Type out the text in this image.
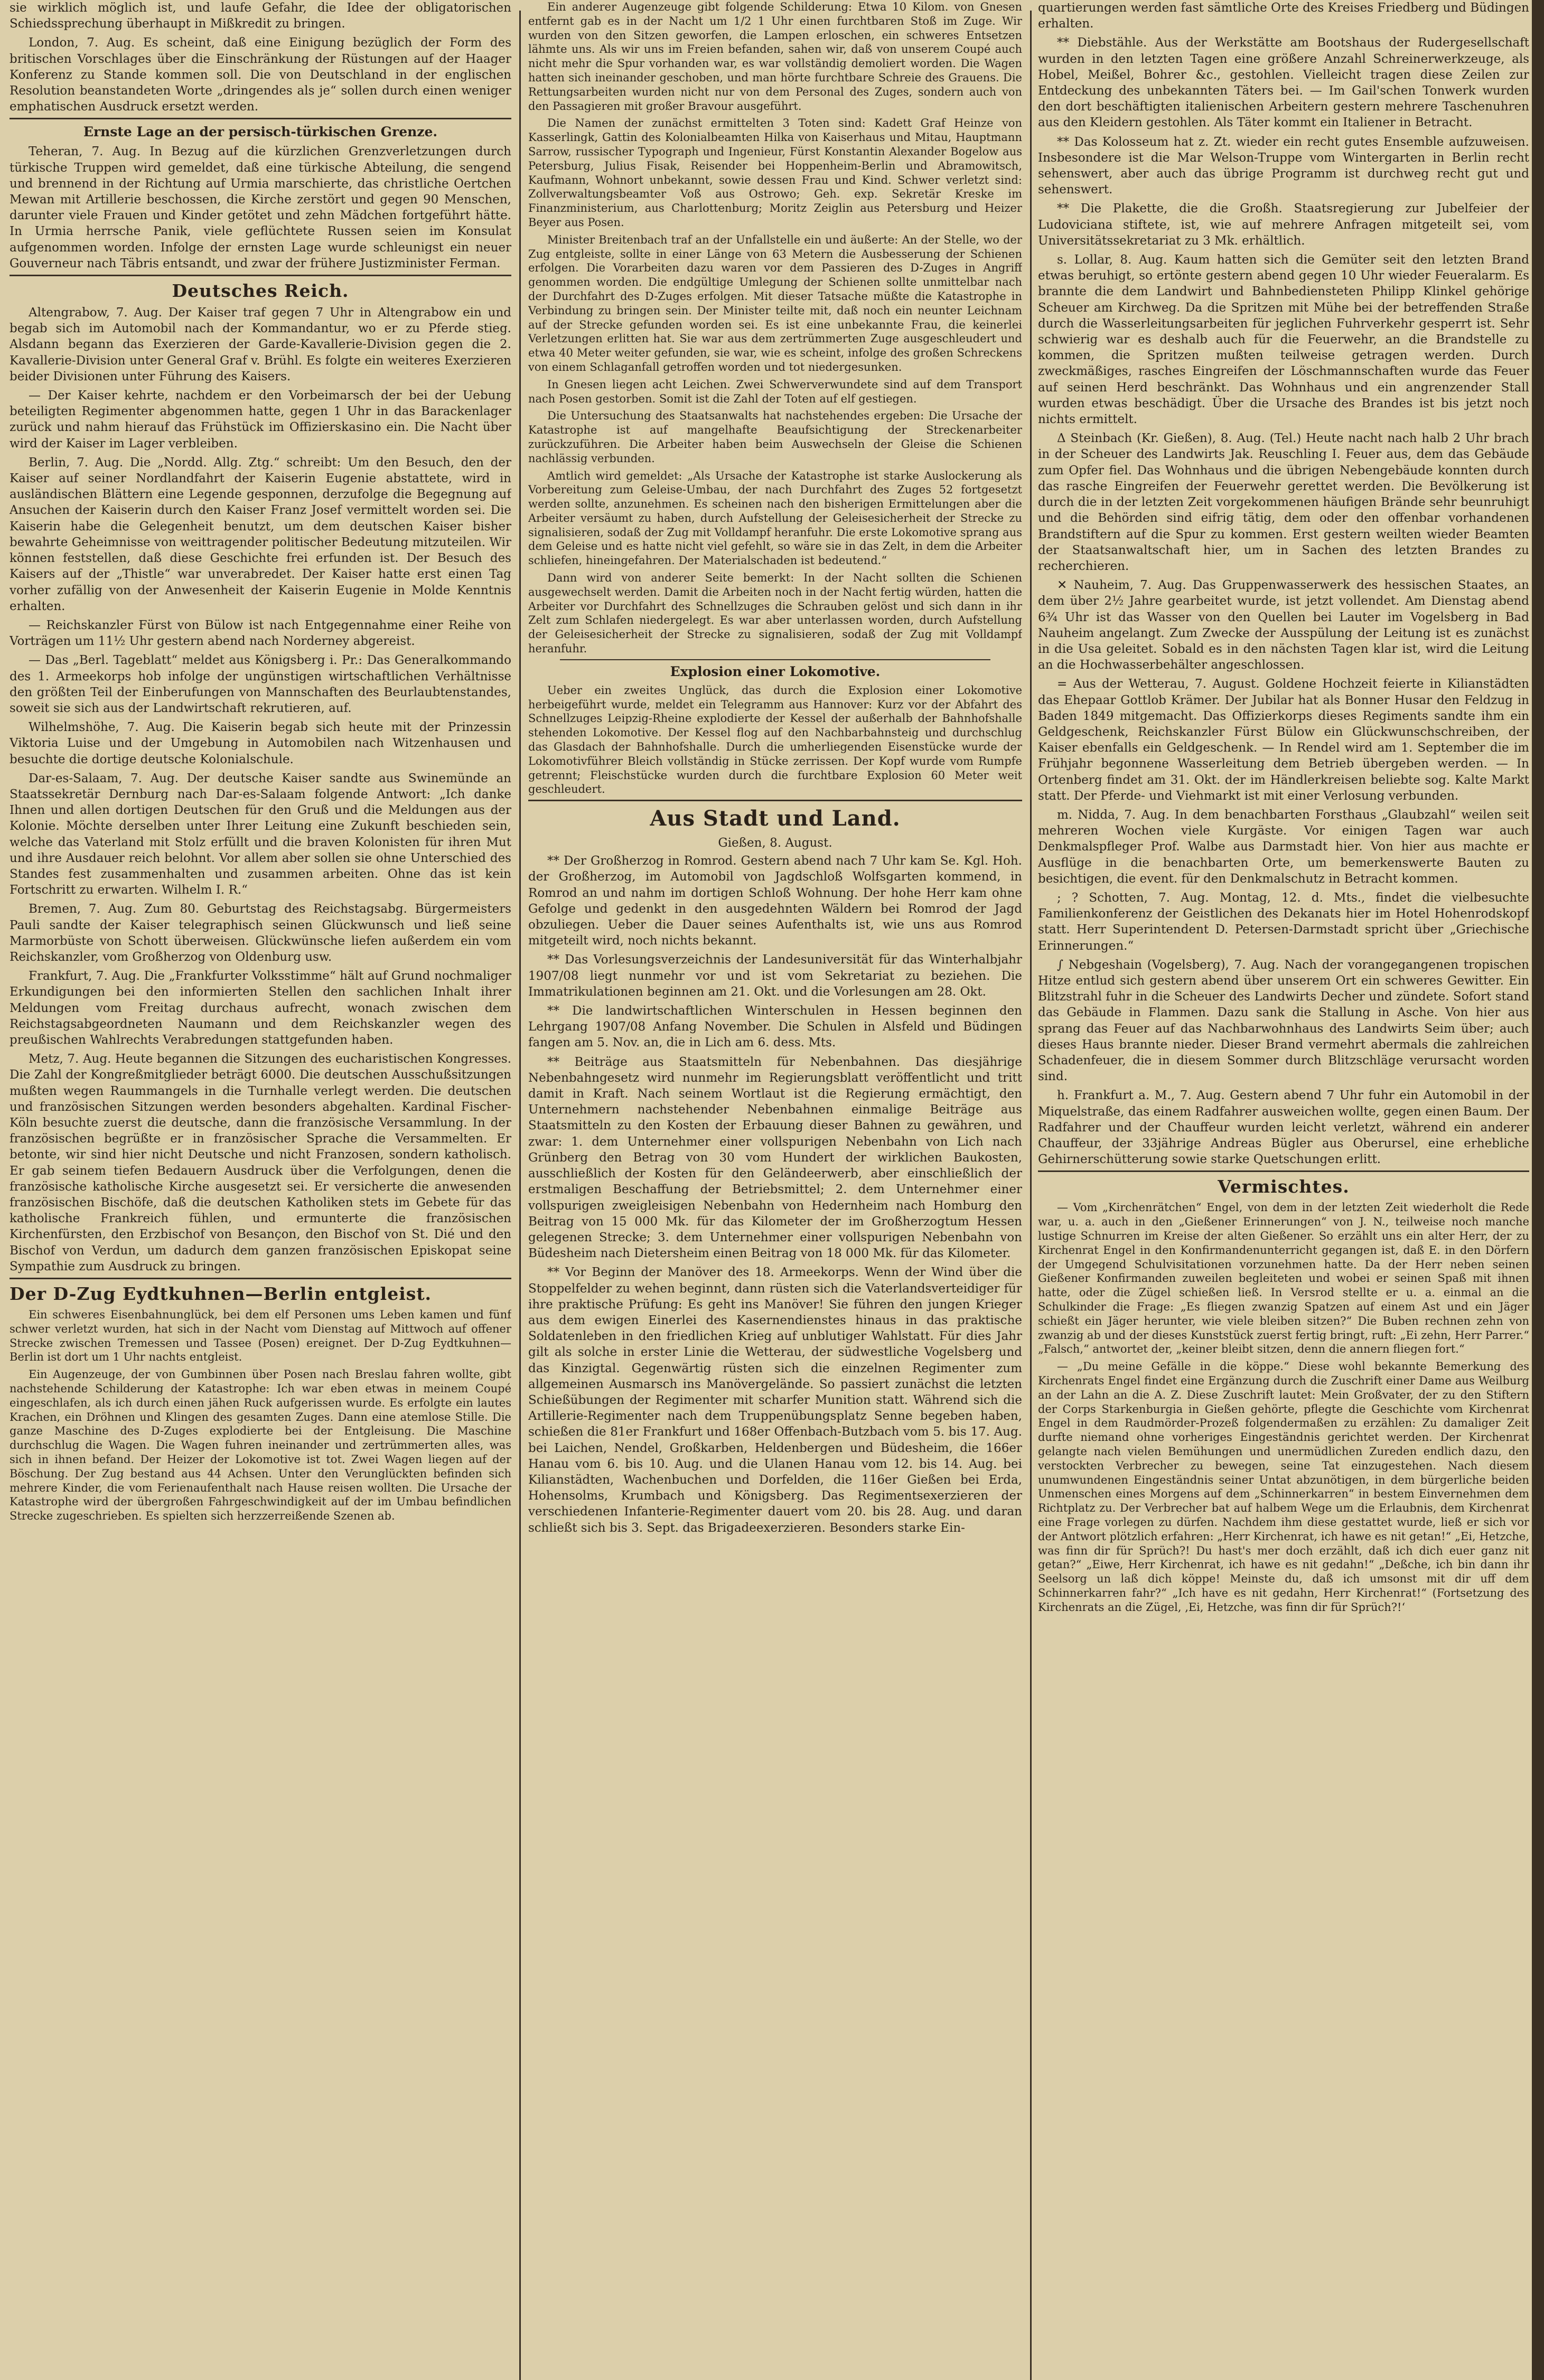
sie wirklich möglich ist, und laufe Gefahr, die Idee der obligatorischen Schiedssprechung überhaupt in Mißkredit zu bringen.

London, 7. Aug. Es scheint, daß eine Einigung bezüglich der Form des britischen Vorschlages über die Einschränkung der Rüstungen auf der Haager Konferenz zu Stande kommen soll. Die von Deutschland in der englischen Resolution beanstandeten Worte „dringendes als je“ sollen durch einen weniger emphatischen Ausdruck ersetzt werden.

Ernste Lage an der persisch-türkischen Grenze.

Teheran, 7. Aug. In Bezug auf die kürzlichen Grenzverletzungen durch türkische Truppen wird gemeldet, daß eine türkische Abteilung, die sengend und brennend in der Richtung auf Urmia marschierte, das christliche Oertchen Mewan mit Artillerie beschossen, die Kirche zerstört und gegen 90 Menschen, darunter viele Frauen und Kinder getötet und zehn Mädchen fortgeführt hätte. In Urmia herrsche Panik, viele geflüchtete Russen seien im Konsulat aufgenommen worden. Infolge der ernsten Lage wurde schleunigst ein neuer Gouverneur nach Täbris entsandt, und zwar der frühere Justizminister Ferman.

Deutsches Reich.

Altengrabow, 7. Aug. Der Kaiser traf gegen 7 Uhr in Altengrabow ein und begab sich im Automobil nach der Kommandantur, wo er zu Pferde stieg. Alsdann begann das Exerzieren der Garde-Kavallerie-Division gegen die 2. Kavallerie-Division unter General Graf v. Brühl. Es folgte ein weiteres Exerzieren beider Divisionen unter Führung des Kaisers.

— Der Kaiser kehrte, nachdem er den Vorbeimarsch der bei der Uebung beteiligten Regimenter abgenommen hatte, gegen 1 Uhr in das Barackenlager zurück und nahm hierauf das Frühstück im Offizierskasino ein. Die Nacht über wird der Kaiser im Lager verbleiben.

Berlin, 7. Aug. Die „Nordd. Allg. Ztg.“ schreibt: Um den Besuch, den der Kaiser auf seiner Nordlandfahrt der Kaiserin Eugenie abstattete, wird in ausländischen Blättern eine Legende gesponnen, derzufolge die Begegnung auf Ansuchen der Kaiserin durch den Kaiser Franz Josef vermittelt worden sei. Die Kaiserin habe die Gelegenheit benutzt, um dem deutschen Kaiser bisher bewahrte Geheimnisse von weittragender politischer Bedeutung mitzuteilen. Wir können feststellen, daß diese Geschichte frei erfunden ist. Der Besuch des Kaisers auf der „Thistle“ war unverabredet. Der Kaiser hatte erst einen Tag vorher zufällig von der Anwesenheit der Kaiserin Eugenie in Molde Kenntnis erhalten.

— Reichskanzler Fürst von Bülow ist nach Entgegennahme einer Reihe von Vorträgen um 11½ Uhr gestern abend nach Norderney abgereist.

— Das „Berl. Tageblatt“ meldet aus Königsberg i. Pr.: Das Generalkommando des 1. Armeekorps hob infolge der ungünstigen wirtschaftlichen Verhältnisse den größten Teil der Einberufungen von Mannschaften des Beurlaubtenstandes, soweit sie sich aus der Landwirtschaft rekrutieren, auf.

Wilhelmshöhe, 7. Aug. Die Kaiserin begab sich heute mit der Prinzessin Viktoria Luise und der Umgebung in Automobilen nach Witzenhausen und besuchte die dortige deutsche Kolonialschule.

Dar-es-Salaam, 7. Aug. Der deutsche Kaiser sandte aus Swinemünde an Staatssekretär Dernburg nach Dar-es-Salaam folgende Antwort: „Ich danke Ihnen und allen dortigen Deutschen für den Gruß und die Meldungen aus der Kolonie. Möchte derselben unter Ihrer Leitung eine Zukunft beschieden sein, welche das Vaterland mit Stolz erfüllt und die braven Kolonisten für ihren Mut und ihre Ausdauer reich belohnt. Vor allem aber sollen sie ohne Unterschied des Standes fest zusammenhalten und zusammen arbeiten. Ohne das ist kein Fortschritt zu erwarten. Wilhelm I. R.“

Bremen, 7. Aug. Zum 80. Geburtstag des Reichstagsabg. Bürgermeisters Pauli sandte der Kaiser telegraphisch seinen Glückwunsch und ließ seine Marmorbüste von Schott überweisen. Glückwünsche liefen außerdem ein vom Reichskanzler, vom Großherzog von Oldenburg usw.

Frankfurt, 7. Aug. Die „Frankfurter Volksstimme“ hält auf Grund nochmaliger Erkundigungen bei den informierten Stellen den sachlichen Inhalt ihrer Meldungen vom Freitag durchaus aufrecht, wonach zwischen dem Reichstagsabgeordneten Naumann und dem Reichskanzler wegen des preußischen Wahlrechts Verabredungen stattgefunden haben.

Metz, 7. Aug. Heute begannen die Sitzungen des eucharistischen Kongresses. Die Zahl der Kongreßmitglieder beträgt 6000. Die deutschen Ausschußsitzungen mußten wegen Raummangels in die Turnhalle verlegt werden. Die deutschen und französischen Sitzungen werden besonders abgehalten. Kardinal Fischer-Köln besuchte zuerst die deutsche, dann die französische Versammlung. In der französischen begrüßte er in französischer Sprache die Versammelten. Er betonte, wir sind hier nicht Deutsche und nicht Franzosen, sondern katholisch. Er gab seinem tiefen Bedauern Ausdruck über die Verfolgungen, denen die französische katholische Kirche ausgesetzt sei. Er versicherte die anwesenden französischen Bischöfe, daß die deutschen Katholiken stets im Gebete für das katholische Frankreich fühlen, und ermunterte die französischen Kirchenfürsten, den Erzbischof von Besançon, den Bischof von St. Dié und den Bischof von Verdun, um dadurch dem ganzen französischen Episkopat seine Sympathie zum Ausdruck zu bringen.

Der D-Zug Eydtkuhnen—Berlin entgleist.

Ein schweres Eisenbahnunglück, bei dem elf Personen ums Leben kamen und fünf schwer verletzt wurden, hat sich in der Nacht vom Dienstag auf Mittwoch auf offener Strecke zwischen Tremessen und Tassee (Posen) ereignet. Der D-Zug Eydtkuhnen—Berlin ist dort um 1 Uhr nachts entgleist.

Ein Augenzeuge, der von Gumbinnen über Posen nach Breslau fahren wollte, gibt nachstehende Schilderung der Katastrophe: Ich war eben etwas in meinem Coupé eingeschlafen, als ich durch einen jähen Ruck aufgerissen wurde. Es erfolgte ein lautes Krachen, ein Dröhnen und Klingen des gesamten Zuges. Dann eine atemlose Stille. Die ganze Maschine des D-Zuges explodierte bei der Entgleisung. Die Maschine durchschlug die Wagen. Die Wagen fuhren ineinander und zertrümmerten alles, was sich in ihnen befand. Der Heizer der Lokomotive ist tot. Zwei Wagen liegen auf der Böschung. Der Zug bestand aus 44 Achsen. Unter den Verunglückten befinden sich mehrere Kinder, die vom Ferienaufenthalt nach Hause reisen wollten. Die Ursache der Katastrophe wird der übergroßen Fahrgeschwindigkeit auf der im Umbau befindlichen Strecke zugeschrieben. Es spielten sich herzzerreißende Szenen ab.

Ein anderer Augenzeuge gibt folgende Schilderung: Etwa 10 Kilom. von Gnesen entfernt gab es in der Nacht um 1/2 1 Uhr einen furchtbaren Stoß im Zuge. Wir wurden von den Sitzen geworfen, die Lampen erloschen, ein schweres Entsetzen lähmte uns. Als wir uns im Freien befanden, sahen wir, daß von unserem Coupé auch nicht mehr die Spur vorhanden war, es war vollständig demoliert worden. Die Wagen hatten sich ineinander geschoben, und man hörte furchtbare Schreie des Grauens. Die Rettungsarbeiten wurden nicht nur von dem Personal des Zuges, sondern auch von den Passagieren mit großer Bravour ausgeführt.

Die Namen der zunächst ermittelten 3 Toten sind: Kadett Graf Heinze von Kasserlingk, Gattin des Kolonialbeamten Hilka von Kaiserhaus und Mitau, Hauptmann Sarrow, russischer Typograph und Ingenieur, Fürst Konstantin Alexander Bogelow aus Petersburg, Julius Fisak, Reisender bei Hoppenheim-Berlin und Abramowitsch, Kaufmann, Wohnort unbekannt, sowie dessen Frau und Kind. Schwer verletzt sind: Zollverwaltungsbeamter Voß aus Ostrowo; Geh. exp. Sekretär Kreske im Finanzministerium, aus Charlottenburg; Moritz Zeiglin aus Petersburg und Heizer Beyer aus Posen.

Minister Breitenbach traf an der Unfallstelle ein und äußerte: An der Stelle, wo der Zug entgleiste, sollte in einer Länge von 63 Metern die Ausbesserung der Schienen erfolgen. Die Vorarbeiten dazu waren vor dem Passieren des D-Zuges in Angriff genommen worden. Die endgültige Umlegung der Schienen sollte unmittelbar nach der Durchfahrt des D-Zuges erfolgen. Mit dieser Tatsache müßte die Katastrophe in Verbindung zu bringen sein. Der Minister teilte mit, daß noch ein neunter Leichnam auf der Strecke gefunden worden sei. Es ist eine unbekannte Frau, die keinerlei Verletzungen erlitten hat. Sie war aus dem zertrümmerten Zuge ausgeschleudert und etwa 40 Meter weiter gefunden, sie war, wie es scheint, infolge des großen Schreckens von einem Schlaganfall getroffen worden und tot niedergesunken.

In Gnesen liegen acht Leichen. Zwei Schwerverwundete sind auf dem Transport nach Posen gestorben. Somit ist die Zahl der Toten auf elf gestiegen.

Die Untersuchung des Staatsanwalts hat nachstehendes ergeben: Die Ursache der Katastrophe ist auf mangelhafte Beaufsichtigung der Streckenarbeiter zurückzuführen. Die Arbeiter haben beim Auswechseln der Gleise die Schienen nachlässig verbunden.

Amtlich wird gemeldet: „Als Ursache der Katastrophe ist starke Auslockerung als Vorbereitung zum Geleise-Umbau, der nach Durchfahrt des Zuges 52 fortgesetzt werden sollte, anzunehmen. Es scheinen nach den bisherigen Ermittelungen aber die Arbeiter versäumt zu haben, durch Aufstellung der Geleisesicherheit der Strecke zu signalisieren, sodaß der Zug mit Volldampf heranfuhr. Die erste Lokomotive sprang aus dem Geleise und es hatte nicht viel gefehlt, so wäre sie in das Zelt, in dem die Arbeiter schliefen, hineingefahren. Der Materialschaden ist bedeutend.“

Dann wird von anderer Seite bemerkt: In der Nacht sollten die Schienen ausgewechselt werden. Damit die Arbeiten noch in der Nacht fertig würden, hatten die Arbeiter vor Durchfahrt des Schnellzuges die Schrauben gelöst und sich dann in ihr Zelt zum Schlafen niedergelegt. Es war aber unterlassen worden, durch Aufstellung der Geleisesicherheit der Strecke zu signalisieren, sodaß der Zug mit Volldampf heranfuhr.

Explosion einer Lokomotive.

Ueber ein zweites Unglück, das durch die Explosion einer Lokomotive herbeigeführt wurde, meldet ein Telegramm aus Hannover: Kurz vor der Abfahrt des Schnellzuges Leipzig-Rheine explodierte der Kessel der außerhalb der Bahnhofshalle stehenden Lokomotive. Der Kessel flog auf den Nachbarbahnsteig und durchschlug das Glasdach der Bahnhofshalle. Durch die umherliegenden Eisenstücke wurde der Lokomotivführer Bleich vollständig in Stücke zerrissen. Der Kopf wurde vom Rumpfe getrennt; Fleischstücke wurden durch die furchtbare Explosion 60 Meter weit geschleudert.

Aus Stadt und Land.
Gießen, 8. August.

** Der Großherzog in Romrod. Gestern abend nach 7 Uhr kam Se. Kgl. Hoh. der Großherzog, im Automobil von Jagdschloß Wolfsgarten kommend, in Romrod an und nahm im dortigen Schloß Wohnung. Der hohe Herr kam ohne Gefolge und gedenkt in den ausgedehnten Wäldern bei Romrod der Jagd obzuliegen. Ueber die Dauer seines Aufenthalts ist, wie uns aus Romrod mitgeteilt wird, noch nichts bekannt.

** Das Vorlesungsverzeichnis der Landesuniversität für das Winterhalbjahr 1907/08 liegt nunmehr vor und ist vom Sekretariat zu beziehen. Die Immatrikulationen beginnen am 21. Okt. und die Vorlesungen am 28. Okt.

** Die landwirtschaftlichen Winterschulen in Hessen beginnen den Lehrgang 1907/08 Anfang November. Die Schulen in Alsfeld und Büdingen fangen am 5. Nov. an, die in Lich am 6. dess. Mts.

** Beiträge aus Staatsmitteln für Nebenbahnen. Das diesjährige Nebenbahngesetz wird nunmehr im Regierungsblatt veröffentlicht und tritt damit in Kraft. Nach seinem Wortlaut ist die Regierung ermächtigt, den Unternehmern nachstehender Nebenbahnen einmalige Beiträge aus Staatsmitteln zu den Kosten der Erbauung dieser Bahnen zu gewähren, und zwar: 1. dem Unternehmer einer vollspurigen Nebenbahn von Lich nach Grünberg den Betrag von 30 vom Hundert der wirklichen Baukosten, ausschließlich der Kosten für den Geländeerwerb, aber einschließlich der erstmaligen Beschaffung der Betriebsmittel; 2. dem Unternehmer einer vollspurigen zweigleisigen Nebenbahn von Hedernheim nach Homburg den Beitrag von 15 000 Mk. für das Kilometer der im Großherzogtum Hessen gelegenen Strecke; 3. dem Unternehmer einer vollspurigen Nebenbahn von Büdesheim nach Dietersheim einen Beitrag von 18 000 Mk. für das Kilometer.

** Vor Beginn der Manöver des 18. Armeekorps. Wenn der Wind über die Stoppelfelder zu wehen beginnt, dann rüsten sich die Vaterlandsverteidiger für ihre praktische Prüfung: Es geht ins Manöver! Sie führen den jungen Krieger aus dem ewigen Einerlei des Kasernendienstes hinaus in das praktische Soldatenleben in den friedlichen Krieg auf unblutiger Wahlstatt. Für dies Jahr gilt als solche in erster Linie die Wetterau, der südwestliche Vogelsberg und das Kinzigtal. Gegenwärtig rüsten sich die einzelnen Regimenter zum allgemeinen Ausmarsch ins Manövergelände. So passiert zunächst die letzten Schießübungen der Regimenter mit scharfer Munition statt. Während sich die Artillerie-Regimenter nach dem Truppenübungsplatz Senne begeben haben, schießen die 81er Frankfurt und 168er Offenbach-Butzbach vom 5. bis 17. Aug. bei Laichen, Nendel, Großkarben, Heldenbergen und Büdesheim, die 166er Hanau vom 6. bis 10. Aug. und die Ulanen Hanau vom 12. bis 14. Aug. bei Kilianstädten, Wachenbuchen und Dorfelden, die 116er Gießen bei Erda, Hohensolms, Krumbach und Königsberg. Das Regimentsexerzieren der verschiedenen Infanterie-Regimenter dauert vom 20. bis 28. Aug. und daran schließt sich bis 3. Sept. das Brigadeexerzieren. Besonders starke Ein-

quartierungen werden fast sämtliche Orte des Kreises Friedberg und Büdingen erhalten.

** Diebstähle. Aus der Werkstätte am Bootshaus der Rudergesellschaft wurden in den letzten Tagen eine größere Anzahl Schreinerwerkzeuge, als Hobel, Meißel, Bohrer &c., gestohlen. Vielleicht tragen diese Zeilen zur Entdeckung des unbekannten Täters bei. — Im Gail'schen Tonwerk wurden den dort beschäftigten italienischen Arbeitern gestern mehrere Taschenuhren aus den Kleidern gestohlen. Als Täter kommt ein Italiener in Betracht.

** Das Kolosseum hat z. Zt. wieder ein recht gutes Ensemble aufzuweisen. Insbesondere ist die Mar Welson-Truppe vom Wintergarten in Berlin recht sehenswert, aber auch das übrige Programm ist durchweg recht gut und sehenswert.

** Die Plakette, die die Großh. Staatsregierung zur Jubelfeier der Ludoviciana stiftete, ist, wie auf mehrere Anfragen mitgeteilt sei, vom Universitätssekretariat zu 3 Mk. erhältlich.

s. Lollar, 8. Aug. Kaum hatten sich die Gemüter seit den letzten Brand etwas beruhigt, so ertönte gestern abend gegen 10 Uhr wieder Feueralarm. Es brannte die dem Landwirt und Bahnbediensteten Philipp Klinkel gehörige Scheuer am Kirchweg. Da die Spritzen mit Mühe bei der betreffenden Straße durch die Wasserleitungsarbeiten für jeglichen Fuhrverkehr gesperrt ist. Sehr schwierig war es deshalb auch für die Feuerwehr, an die Brandstelle zu kommen, die Spritzen mußten teilweise getragen werden. Durch zweckmäßiges, rasches Eingreifen der Löschmannschaften wurde das Feuer auf seinen Herd beschränkt. Das Wohnhaus und ein angrenzender Stall wurden etwas beschädigt. Über die Ursache des Brandes ist bis jetzt noch nichts ermittelt.

Δ Steinbach (Kr. Gießen), 8. Aug. (Tel.) Heute nacht nach halb 2 Uhr brach in der Scheuer des Landwirts Jak. Reuschling I. Feuer aus, dem das Gebäude zum Opfer fiel. Das Wohnhaus und die übrigen Nebengebäude konnten durch das rasche Eingreifen der Feuerwehr gerettet werden. Die Bevölkerung ist durch die in der letzten Zeit vorgekommenen häufigen Brände sehr beunruhigt und die Behörden sind eifrig tätig, dem oder den offenbar vorhandenen Brandstiftern auf die Spur zu kommen. Erst gestern weilten wieder Beamten der Staatsanwaltschaft hier, um in Sachen des letzten Brandes zu recherchieren.

✕ Nauheim, 7. Aug. Das Gruppenwasserwerk des hessischen Staates, an dem über 2½ Jahre gearbeitet wurde, ist jetzt vollendet. Am Dienstag abend 6¾ Uhr ist das Wasser von den Quellen bei Lauter im Vogelsberg in Bad Nauheim angelangt. Zum Zwecke der Ausspülung der Leitung ist es zunächst in die Usa geleitet. Sobald es in den nächsten Tagen klar ist, wird die Leitung an die Hochwasserbehälter angeschlossen.

= Aus der Wetterau, 7. August. Goldene Hochzeit feierte in Kilianstädten das Ehepaar Gottlob Krämer. Der Jubilar hat als Bonner Husar den Feldzug in Baden 1849 mitgemacht. Das Offizierkorps dieses Regiments sandte ihm ein Geldgeschenk, Reichskanzler Fürst Bülow ein Glückwunschschreiben, der Kaiser ebenfalls ein Geldgeschenk. — In Rendel wird am 1. September die im Frühjahr begonnene Wasserleitung dem Betrieb übergeben werden. — In Ortenberg findet am 31. Okt. der im Händlerkreisen beliebte sog. Kalte Markt statt. Der Pferde- und Viehmarkt ist mit einer Verlosung verbunden.

m. Nidda, 7. Aug. In dem benachbarten Forsthaus „Glaubzahl“ weilen seit mehreren Wochen viele Kurgäste. Vor einigen Tagen war auch Denkmalspfleger Prof. Walbe aus Darmstadt hier. Von hier aus machte er Ausflüge in die benachbarten Orte, um bemerkenswerte Bauten zu besichtigen, die event. für den Denkmalschutz in Betracht kommen.

; ? Schotten, 7. Aug. Montag, 12. d. Mts., findet die vielbesuchte Familienkonferenz der Geistlichen des Dekanats hier im Hotel Hohenrodskopf statt. Herr Superintendent D. Petersen-Darmstadt spricht über „Griechische Erinnerungen.“

∫ Nebgeshain (Vogelsberg), 7. Aug. Nach der vorangegangenen tropischen Hitze entlud sich gestern abend über unserem Ort ein schweres Gewitter. Ein Blitzstrahl fuhr in die Scheuer des Landwirts Decher und zündete. Sofort stand das Gebäude in Flammen. Dazu sank die Stallung in Asche. Von hier aus sprang das Feuer auf das Nachbarwohnhaus des Landwirts Seim über; auch dieses Haus brannte nieder. Dieser Brand vermehrt abermals die zahlreichen Schadenfeuer, die in diesem Sommer durch Blitzschläge verursacht worden sind.

h. Frankfurt a. M., 7. Aug. Gestern abend 7 Uhr fuhr ein Automobil in der Miquelstraße, das einem Radfahrer ausweichen wollte, gegen einen Baum. Der Radfahrer und der Chauffeur wurden leicht verletzt, während ein anderer Chauffeur, der 33jährige Andreas Bügler aus Oberursel, eine erhebliche Gehirnerschütterung sowie starke Quetschungen erlitt.

Vermischtes.

— Vom „Kirchenrätchen“ Engel, von dem in der letzten Zeit wiederholt die Rede war, u. a. auch in den „Gießener Erinnerungen“ von J. N., teilweise noch manche lustige Schnurren im Kreise der alten Gießener. So erzählt uns ein alter Herr, der zu Kirchenrat Engel in den Konfirmandenunterricht gegangen ist, daß E. in den Dörfern der Umgegend Schulvisitationen vorzunehmen hatte. Da der Herr neben seinen Gießener Konfirmanden zuweilen begleiteten und wobei er seinen Spaß mit ihnen hatte, oder die Zügel schießen ließ. In Versrod stellte er u. a. einmal an die Schulkinder die Frage: „Es fliegen zwanzig Spatzen auf einem Ast und ein Jäger schießt ein Jäger herunter, wie viele bleiben sitzen?“ Die Buben rechnen zehn von zwanzig ab und der dieses Kunststück zuerst fertig bringt, ruft: „Ei zehn, Herr Parrer.“ „Falsch,“ antwortet der, „keiner bleibt sitzen, denn die annern fliegen fort.“

— „Du meine Gefälle in die köppe.“ Diese wohl bekannte Bemerkung des Kirchenrats Engel findet eine Ergänzung durch die Zuschrift einer Dame aus Weilburg an der Lahn an die A. Z. Diese Zuschrift lautet: Mein Großvater, der zu den Stiftern der Corps Starkenburgia in Gießen gehörte, pflegte die Geschichte vom Kirchenrat Engel in dem Raudmörder-Prozeß folgendermaßen zu erzählen: Zu damaliger Zeit durfte niemand ohne vorheriges Eingeständnis gerichtet werden. Der Kirchenrat gelangte nach vielen Bemühungen und unermüdlichen Zureden endlich dazu, den verstockten Verbrecher zu bewegen, seine Tat einzugestehen. Nach diesem unumwundenen Eingeständnis seiner Untat abzunötigen, in dem bürgerliche beiden Unmenschen eines Morgens auf dem „Schinnerkarren“ in bestem Einvernehmen dem Richtplatz zu. Der Verbrecher bat auf halbem Wege um die Erlaubnis, dem Kirchenrat eine Frage vorlegen zu dürfen. Nachdem ihm diese gestattet wurde, ließ er sich vor der Antwort plötzlich erfahren: „Herr Kirchenrat, ich hawe es nit getan!“ „Ei, Hetzche, was finn dir für Sprüch?! Du hast's mer doch erzählt, daß ich dich euer ganz nit getan?“ „Eiwe, Herr Kirchenrat, ich hawe es nit gedahn!“ „Deßche, ich bin dann ihr Seelsorg un laß dich köppe! Meinste du, daß ich umsonst mit dir uff dem Schinnerkarren fahr?“ „Ich have es nit gedahn, Herr Kirchenrat!“ (Fortsetzung des Kirchenrats an die Zügel, ‚Ei, Hetzche, was finn dir für Sprüch?!‘
